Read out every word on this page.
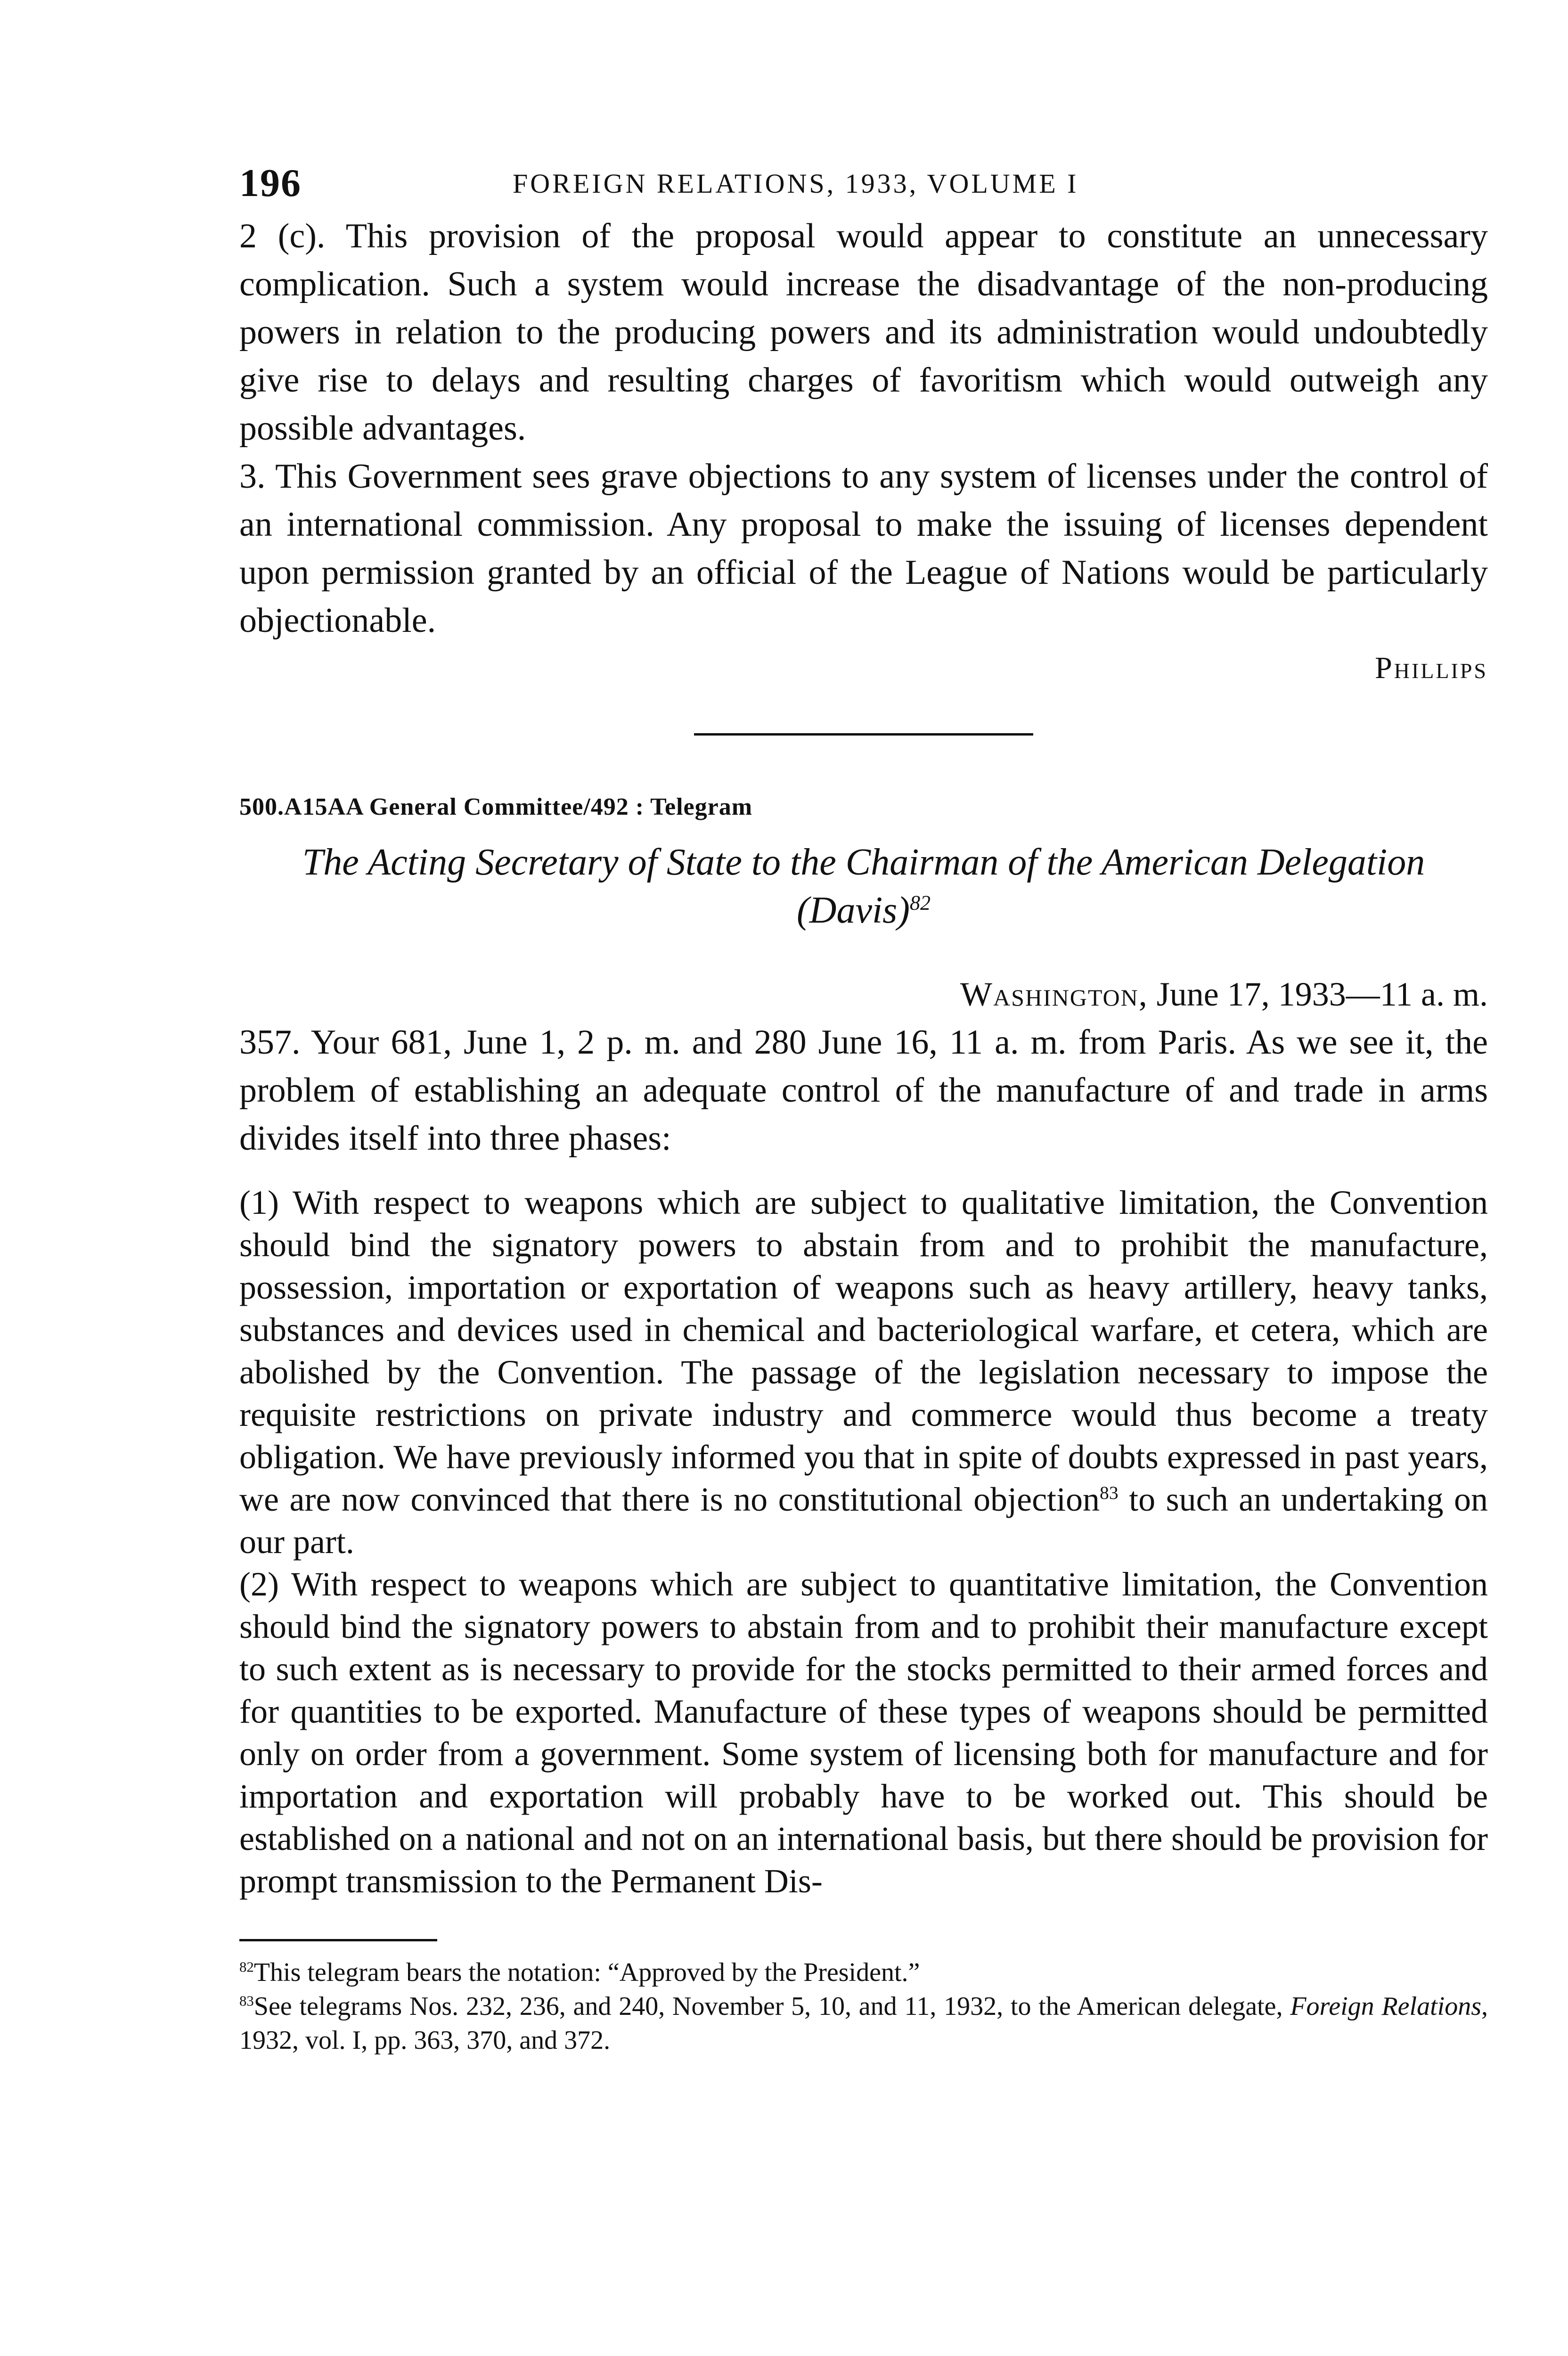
196	FOREIGN RELATIONS, 1933, VOLUME I

2 (c). This provision of the proposal would appear to constitute an unnecessary complication. Such a system would increase the disadvantage of the non-producing powers in relation to the producing powers and its administration would undoubtedly give rise to delays and resulting charges of favoritism which would outweigh any possible advantages.

3. This Government sees grave objections to any system of licenses under the control of an international commission. Any proposal to make the issuing of licenses dependent upon permission granted by an official of the League of Nations would be particularly objectionable.

Phillips

500.A15AA General Committee/492 : Telegram

The Acting Secretary of State to the Chairman of the American Delegation (Davis)$^{82}$

Washington, June 17, 1933—11 a. m.

357. Your 681, June 1, 2 p. m. and 280 June 16, 11 a. m. from Paris. As we see it, the problem of establishing an adequate control of the manufacture of and trade in arms divides itself into three phases:

(1) With respect to weapons which are subject to qualitative limitation, the Convention should bind the signatory powers to abstain from and to prohibit the manufacture, possession, importation or exportation of weapons such as heavy artillery, heavy tanks, substances and devices used in chemical and bacteriological warfare, et cetera, which are abolished by the Convention. The passage of the legislation necessary to impose the requisite restrictions on private industry and commerce would thus become a treaty obligation. We have previously informed you that in spite of doubts expressed in past years, we are now convinced that there is no constitutional objection$^{83}$ to such an undertaking on our part.

(2) With respect to weapons which are subject to quantitative limitation, the Convention should bind the signatory powers to abstain from and to prohibit their manufacture except to such extent as is necessary to provide for the stocks permitted to their armed forces and for quantities to be exported. Manufacture of these types of weapons should be permitted only on order from a government. Some system of licensing both for manufacture and for importation and exportation will probably have to be worked out. This should be established on a national and not on an international basis, but there should be provision for prompt transmission to the Permanent Dis-

$^{82}$This telegram bears the notation: “Approved by the President.”

$^{83}$See telegrams Nos. 232, 236, and 240, November 5, 10, and 11, 1932, to the American delegate, Foreign Relations, 1932, vol. I, pp. 363, 370, and 372.
